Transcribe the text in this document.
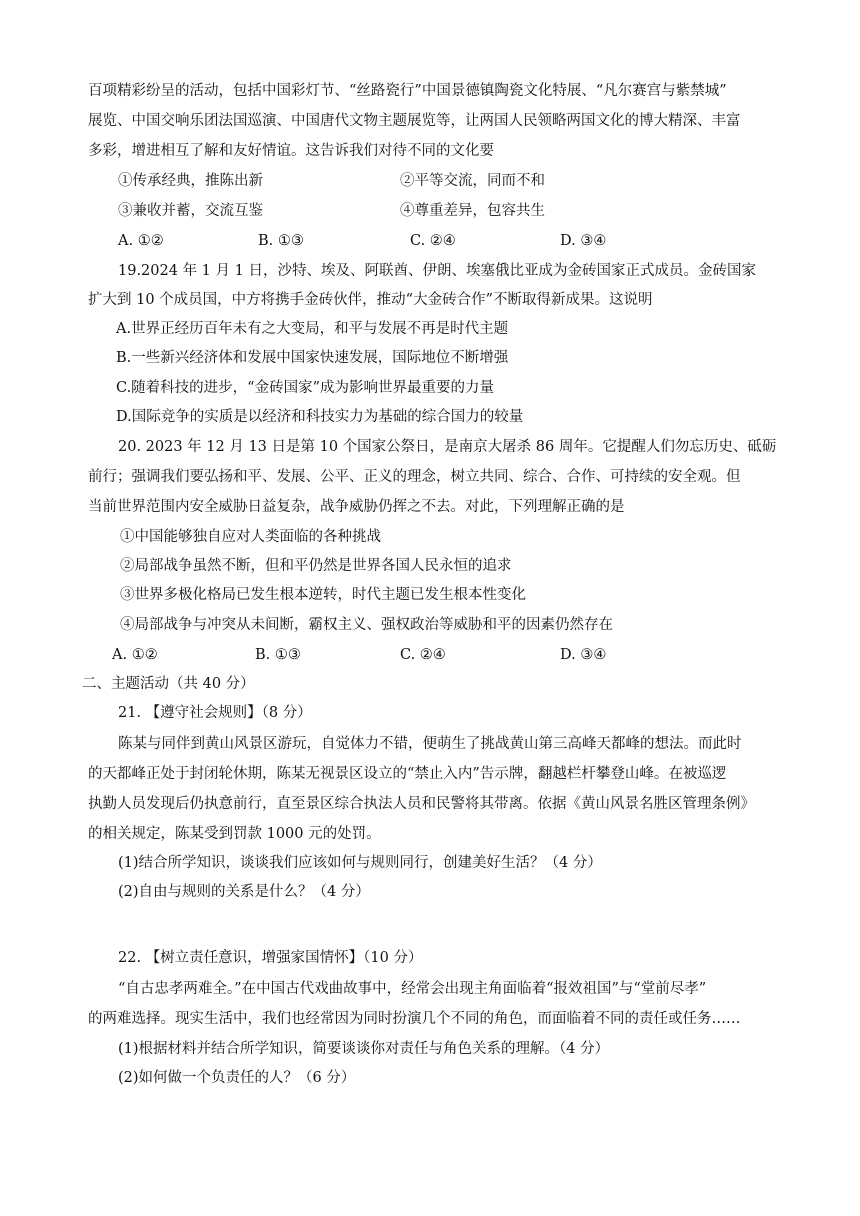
百项精彩纷呈的活动，包括中国彩灯节、“丝路瓷行”中国景德镇陶瓷文化特展、“凡尔赛宫与紫禁城”
展览、中国交响乐团法国巡演、中国唐代文物主题展览等，让两国人民领略两国文化的博大精深、丰富
多彩，增进相互了解和友好情谊。这告诉我们对待不同的文化要
①传承经典，推陈出新	②平等交流，同而不和
③兼收并蓄，交流互鉴	④尊重差异，包容共生
A. ①②	B. ①③	C. ②④	D. ③④
19.2024 年 1 月 1 日，沙特、埃及、阿联酋、伊朗、埃塞俄比亚成为金砖国家正式成员。金砖国家
扩大到 10 个成员国，中方将携手金砖伙伴，推动“大金砖合作”不断取得新成果。这说明
A.世界正经历百年未有之大变局，和平与发展不再是时代主题
B.一些新兴经济体和发展中国家快速发展，国际地位不断增强
C.随着科技的进步，“金砖国家”成为影响世界最重要的力量
D.国际竞争的实质是以经济和科技实力为基础的综合国力的较量
20. 2023 年 12 月 13 日是第 10 个国家公祭日，是南京大屠杀 86 周年。它提醒人们勿忘历史、砥砺
前行；强调我们要弘扬和平、发展、公平、正义的理念，树立共同、综合、合作、可持续的安全观。但
当前世界范围内安全威胁日益复杂，战争威胁仍挥之不去。对此，下列理解正确的是
①中国能够独自应对人类面临的各种挑战
②局部战争虽然不断，但和平仍然是世界各国人民永恒的追求
③世界多极化格局已发生根本逆转，时代主题已发生根本性变化
④局部战争与冲突从未间断，霸权主义、强权政治等威胁和平的因素仍然存在
A. ①②	B. ①③	C. ②④	D. ③④
二、主题活动（共 40 分）
21. 【遵守社会规则】（8 分）
陈某与同伴到黄山风景区游玩，自觉体力不错，便萌生了挑战黄山第三高峰天都峰的想法。而此时
的天都峰正处于封闭轮休期，陈某无视景区设立的“禁止入内”告示牌，翻越栏杆攀登山峰。在被巡逻
执勤人员发现后仍执意前行，直至景区综合执法人员和民警将其带离。依据《黄山风景名胜区管理条例》
的相关规定，陈某受到罚款 1000 元的处罚。
(1)结合所学知识，谈谈我们应该如何与规则同行，创建美好生活？（4 分）
(2)自由与规则的关系是什么？（4 分）
22. 【树立责任意识，增强家国情怀】（10 分）
“自古忠孝两难全。”在中国古代戏曲故事中，经常会出现主角面临着“报效祖国”与“堂前尽孝”
的两难选择。现实生活中，我们也经常因为同时扮演几个不同的角色，而面临着不同的责任或任务……
(1)根据材料并结合所学知识，简要谈谈你对责任与角色关系的理解。（4 分）
(2)如何做一个负责任的人？（6 分）
